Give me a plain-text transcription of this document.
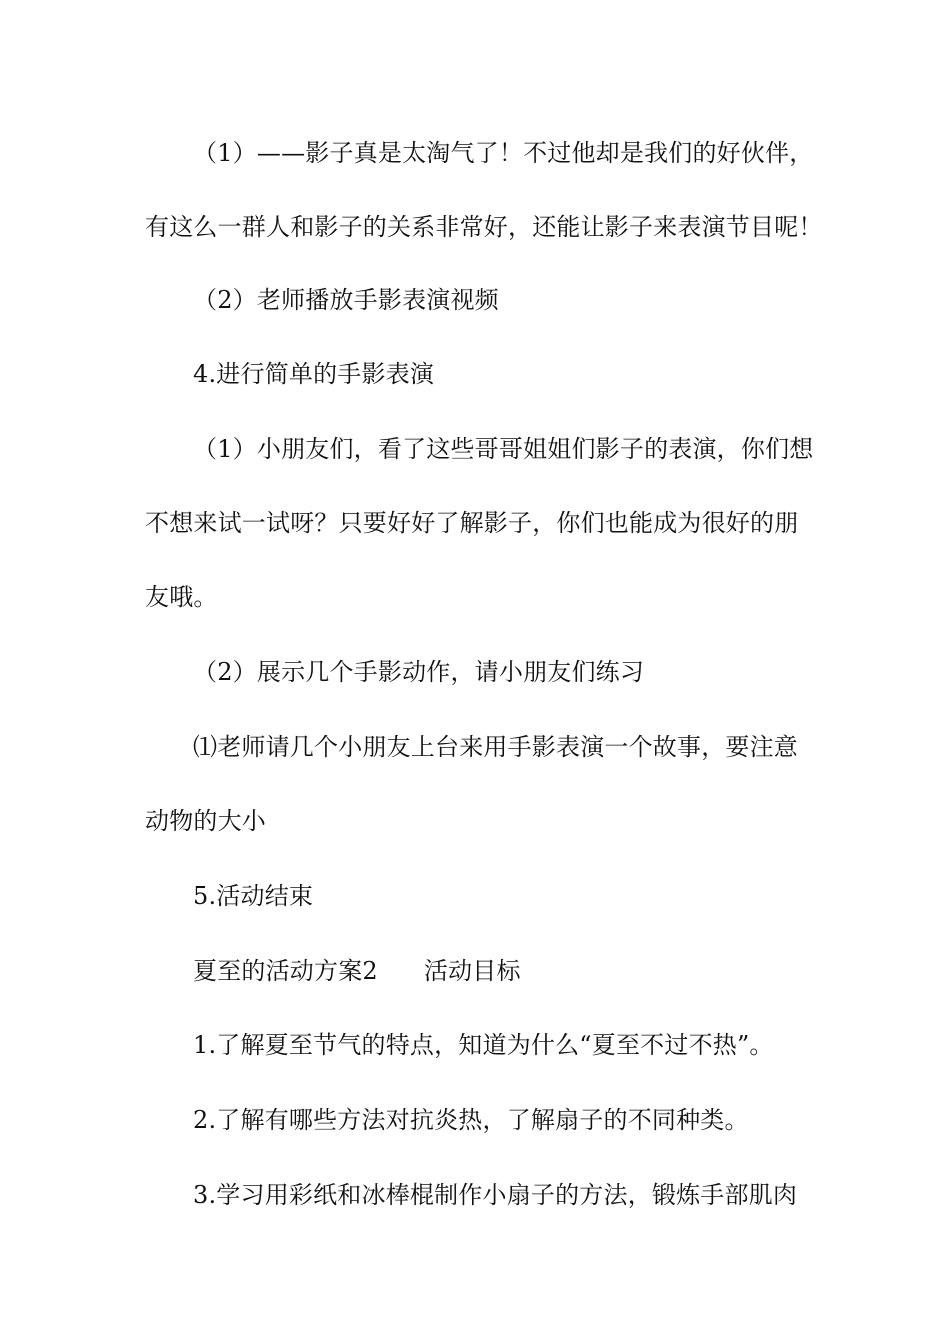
（1）——影子真是太淘气了！不过他却是我们的好伙伴，
有这么一群人和影子的关系非常好，还能让影子来表演节目呢！
（2）老师播放手影表演视频
4.进行简单的手影表演
（1）小朋友们，看了这些哥哥姐姐们影子的表演，你们想
不想来试一试呀？只要好好了解影子，你们也能成为很好的朋
友哦。
（2）展示几个手影动作，请小朋友们练习
⑴老师请几个小朋友上台来用手影表演一个故事，要注意
动物的大小
5.活动结束
夏至的活动方案2 活动目标
1.了解夏至节气的特点，知道为什么“夏至不过不热”。
2.了解有哪些方法对抗炎热，了解扇子的不同种类。
3.学习用彩纸和冰棒棍制作小扇子的方法，锻炼手部肌肉
